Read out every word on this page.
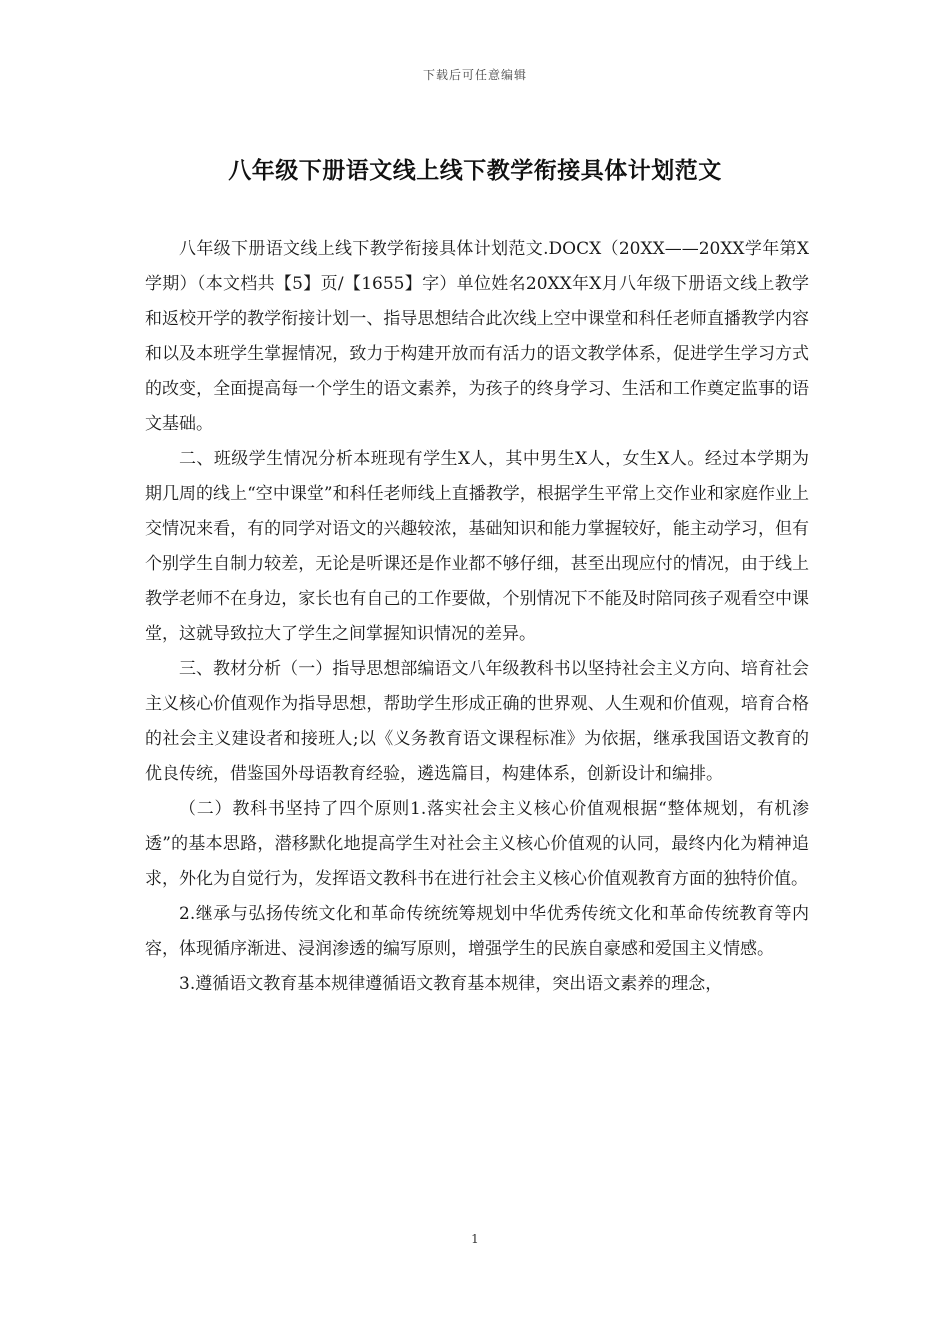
下载后可任意编辑
八年级下册语文线上线下教学衔接具体计划范文

八年级下册语文线上线下教学衔接具体计划范文.DOCX（20XX——20XX学年第X学期）（本文档共【5】页/【1655】字）单位姓名20XX年X月八年级下册语文线上教学和返校开学的教学衔接计划一、指导思想结合此次线上空中课堂和科任老师直播教学内容和以及本班学生掌握情况，致力于构建开放而有活力的语文教学体系，促进学生学习方式的改变，全面提高每一个学生的语文素养，为孩子的终身学习、生活和工作奠定监事的语文基础。

二、班级学生情况分析本班现有学生X人，其中男生X人，女生X人。经过本学期为期几周的线上“空中课堂”和科任老师线上直播教学，根据学生平常上交作业和家庭作业上交情况来看，有的同学对语文的兴趣较浓，基础知识和能力掌握较好，能主动学习，但有个别学生自制力较差，无论是听课还是作业都不够仔细，甚至出现应付的情况，由于线上教学老师不在身边，家长也有自己的工作要做，个别情况下不能及时陪同孩子观看空中课堂，这就导致拉大了学生之间掌握知识情况的差异。

三、教材分析（一）指导思想部编语文八年级教科书以坚持社会主义方向、培育社会主义核心价值观作为指导思想，帮助学生形成正确的世界观、人生观和价值观，培育合格的社会主义建设者和接班人;以《义务教育语文课程标准》为依据，继承我国语文教育的优良传统，借鉴国外母语教育经验，遴选篇目，构建体系，创新设计和编排。

（二）教科书坚持了四个原则1.落实社会主义核心价值观根据“整体规划，有机渗透”的基本思路，潜移默化地提高学生对社会主义核心价值观的认同，最终内化为精神追求，外化为自觉行为，发挥语文教科书在进行社会主义核心价值观教育方面的独特价值。

2.继承与弘扬传统文化和革命传统统筹规划中华优秀传统文化和革命传统教育等内容，体现循序渐进、浸润渗透的编写原则，增强学生的民族自豪感和爱国主义情感。

3.遵循语文教育基本规律遵循语文教育基本规律，突出语文素养的理念，

1
